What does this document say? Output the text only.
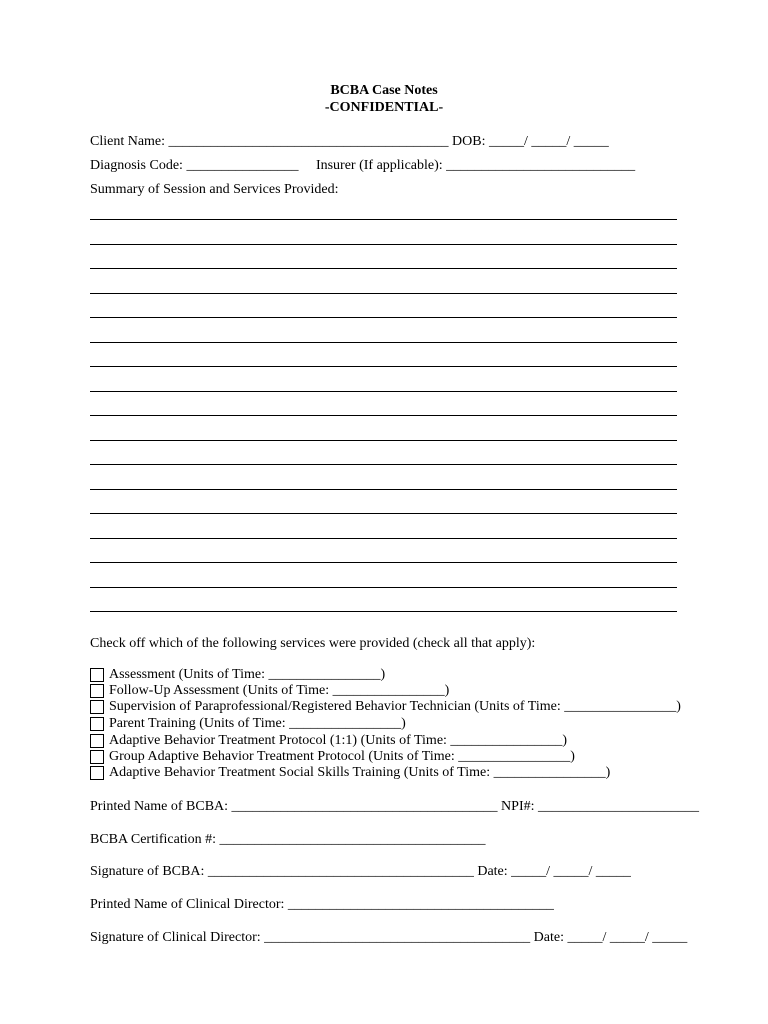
BCBA Case Notes
-CONFIDENTIAL-
Client Name: ________________________________________ DOB: _____/ _____/ _____
Diagnosis Code: ________________     Insurer (If applicable): ___________________________
Summary of Session and Services Provided:
Check off which of the following services were provided (check all that apply):
Assessment (Units of Time: ________________)
Follow-Up Assessment (Units of Time: ________________)
Supervision of Paraprofessional/Registered Behavior Technician (Units of Time: ________________)
Parent Training (Units of Time: ________________)
Adaptive Behavior Treatment Protocol (1:1) (Units of Time: ________________)
Group Adaptive Behavior Treatment Protocol (Units of Time: ________________)
Adaptive Behavior Treatment Social Skills Training (Units of Time: ________________)
Printed Name of BCBA: ______________________________________ NPI#: _______________________
BCBA Certification #: ______________________________________
Signature of BCBA: ______________________________________ Date: _____/ _____/ _____
Printed Name of Clinical Director: ______________________________________
Signature of Clinical Director: ______________________________________ Date: _____/ _____/ _____
